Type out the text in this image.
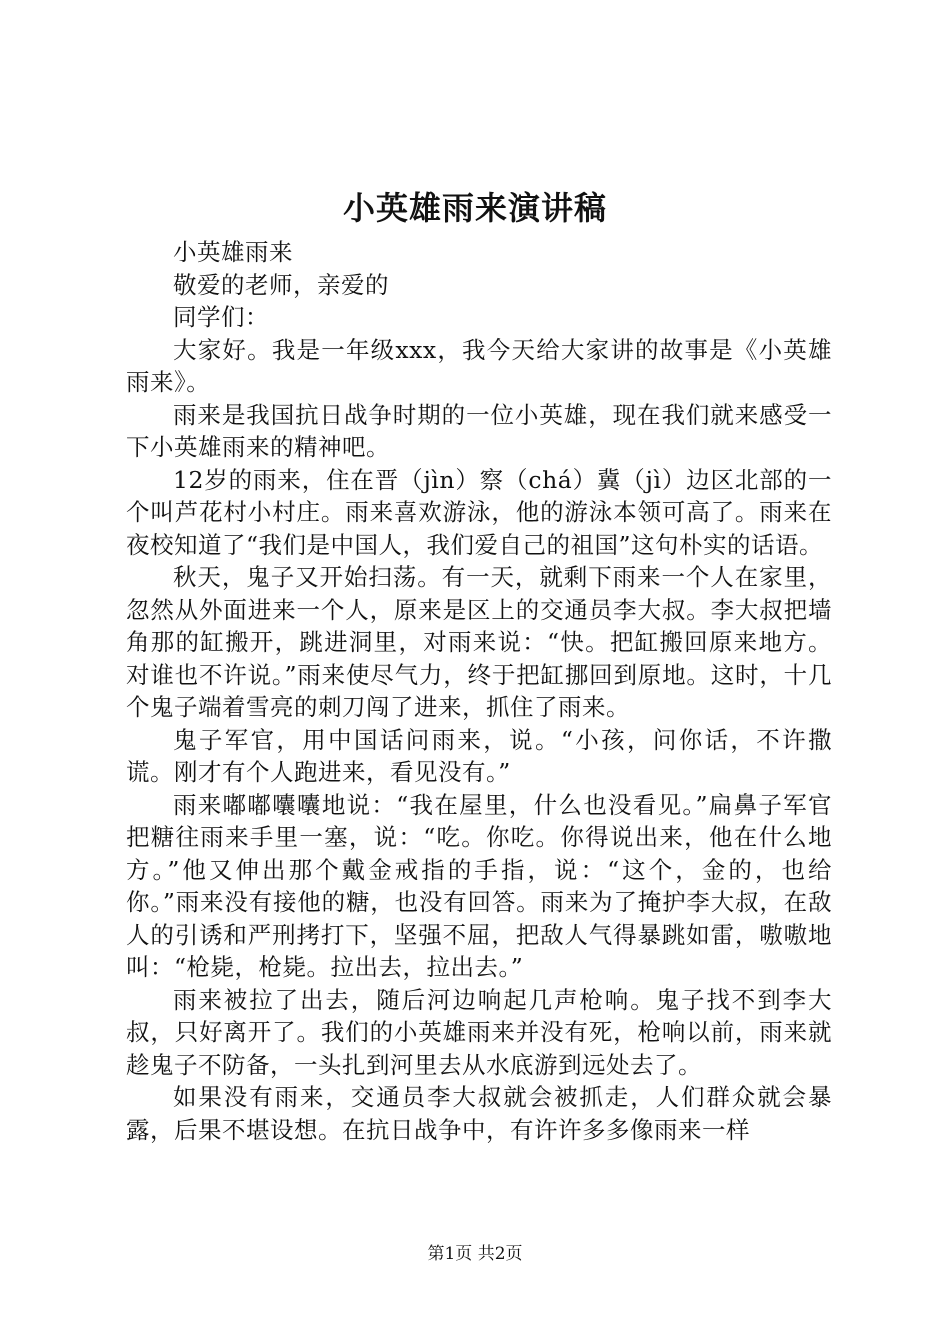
小英雄雨来演讲稿

小英雄雨来

敬爱的老师，亲爱的

同学们：

大家好。我是一年级xxx，我今天给大家讲的故事是《小英雄雨来》。

雨来是我国抗日战争时期的一位小英雄，现在我们就来感受一下小英雄雨来的精神吧。

12岁的雨来，住在晋（jìn）察（chá）冀（jì）边区北部的一个叫芦花村小村庄。雨来喜欢游泳，他的游泳本领可高了。雨来在夜校知道了“我们是中国人，我们爱自己的祖国”这句朴实的话语。

秋天，鬼子又开始扫荡。有一天，就剩下雨来一个人在家里，忽然从外面进来一个人，原来是区上的交通员李大叔。李大叔把墙角那的缸搬开，跳进洞里，对雨来说：“快。把缸搬回原来地方。对谁也不许说。”雨来使尽气力，终于把缸挪回到原地。这时，十几个鬼子端着雪亮的刺刀闯了进来，抓住了雨来。

鬼子军官，用中国话问雨来，说。“小孩，问你话，不许撒谎。刚才有个人跑进来，看见没有。”

雨来嘟嘟囔囔地说：“我在屋里，什么也没看见。”扁鼻子军官把糖往雨来手里一塞，说：“吃。你吃。你得说出来，他在什么地方。”他又伸出那个戴金戒指的手指，说：“这个，金的，也给你。”雨来没有接他的糖，也没有回答。雨来为了掩护李大叔，在敌人的引诱和严刑拷打下，坚强不屈，把敌人气得暴跳如雷，嗷嗷地叫：“枪毙，枪毙。拉出去，拉出去。”

雨来被拉了出去，随后河边响起几声枪响。鬼子找不到李大叔，只好离开了。我们的小英雄雨来并没有死，枪响以前，雨来就趁鬼子不防备，一头扎到河里去从水底游到远处去了。

如果没有雨来，交通员李大叔就会被抓走，人们群众就会暴露，后果不堪设想。在抗日战争中，有许许多多像雨来一样

第1页 共2页
